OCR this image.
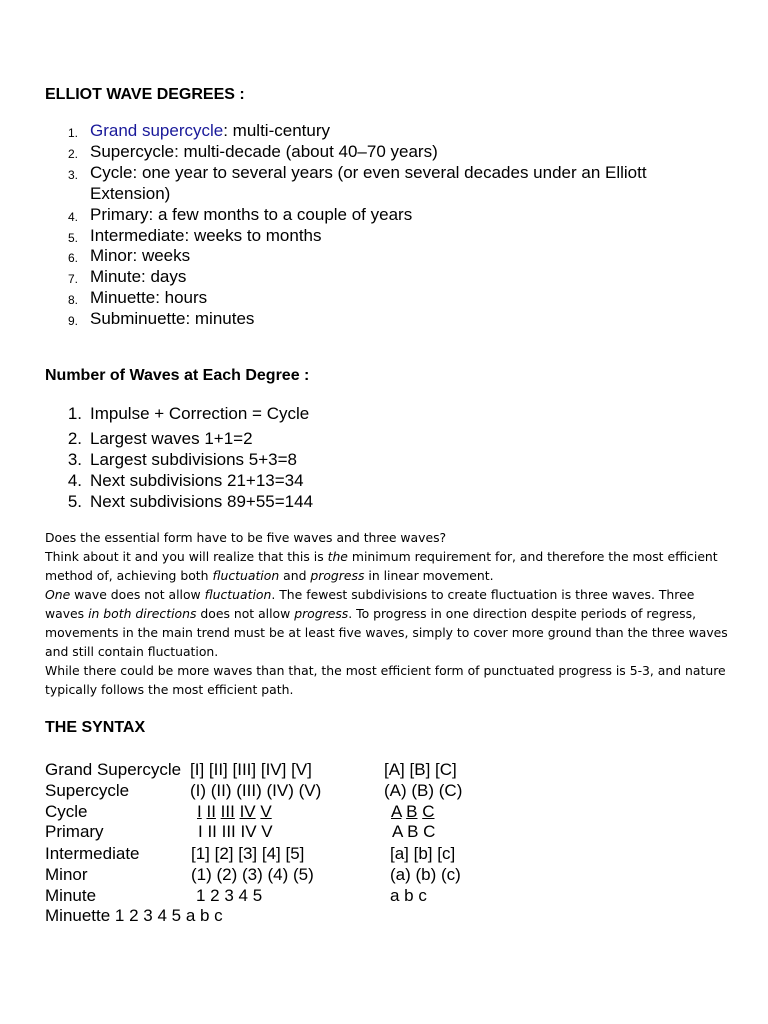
ELLIOT WAVE DEGREES :
1. Grand supercycle: multi-century
2. Supercycle: multi-decade (about 40–70 years)
3. Cycle: one year to several years (or even several decades under an Elliott
Extension)
4. Primary: a few months to a couple of years
5. Intermediate: weeks to months
6. Minor: weeks
7. Minute: days
8. Minuette: hours
9. Subminuette: minutes
Number of Waves at Each Degree :
1. Impulse + Correction = Cycle
2. Largest waves 1+1=2
3. Largest subdivisions 5+3=8
4. Next subdivisions 21+13=34
5. Next subdivisions 89+55=144
Does the essential form have to be five waves and three waves?
Think about it and you will realize that this is the minimum requirement for, and therefore the most efficient
method of, achieving both fluctuation and progress in linear movement.
One wave does not allow fluctuation. The fewest subdivisions to create fluctuation is three waves. Three
waves in both directions does not allow progress. To progress in one direction despite periods of regress,
movements in the main trend must be at least five waves, simply to cover more ground than the three waves
and still contain fluctuation.
While there could be more waves than that, the most efficient form of punctuated progress is 5-3, and nature
typically follows the most efficient path.
THE SYNTAX
Grand Supercycle [I] [II] [III] [IV] [V]	[A] [B] [C]
Supercycle	(I) (II) (III) (IV) (V)	(A) (B) (C)
Cycle	I II III IV V	A B C
Primary	I II III IV V	A B C
Intermediate	[1] [2] [3] [4] [5]	[a] [b] [c]
Minor	(1) (2) (3) (4) (5)	(a) (b) (c)
Minute	1 2 3 4 5	a b c
Minuette 1 2 3 4 5 a b c
